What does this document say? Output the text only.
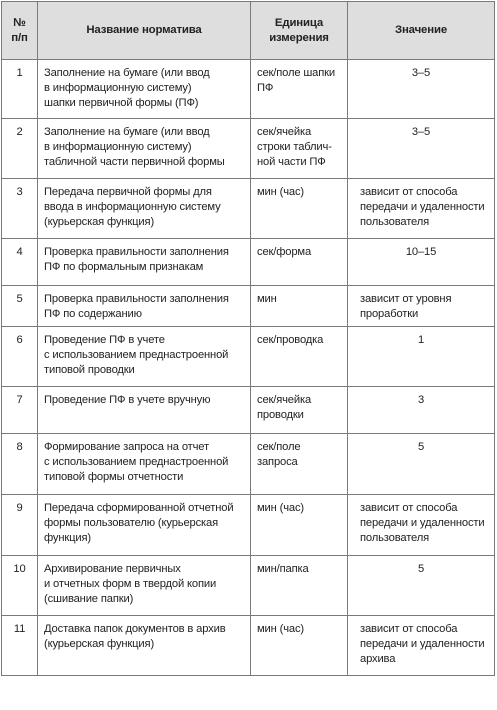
№
п/п	Название норматива	Единица
измерения	Значение

1	Заполнение на бумаге (или ввод
в информационную систему)
шапки первичной формы (ПФ)	сек/поле шапки
ПФ	3–5

2	Заполнение на бумаге (или ввод
в информационную систему)
табличной части первичной формы	сек/ячейка
строки таблич-
ной части ПФ	3–5

3	Передача первичной формы для
ввода в информационную систему
(курьерская функция)	мин (час)	зависит от способа
передачи и удаленности
пользователя

4	Проверка правильности заполнения
ПФ по формальным признакам	сек/форма	10–15

5	Проверка правильности заполнения
ПФ по содержанию	мин	зависит от уровня
проработки

6	Проведение ПФ в учете
с использованием преднастроенной
типовой проводки	сек/проводка	1

7	Проведение ПФ в учете вручную	сек/ячейка
проводки	3

8	Формирование запроса на отчет
с использованием преднастроенной
типовой формы отчетности	сек/поле
запроса	5

9	Передача сформированной отчетной
формы пользователю (курьерская
функция)	мин (час)	зависит от способа
передачи и удаленности
пользователя

10	Архивирование первичных
и отчетных форм в твердой копии
(сшивание папки)	мин/папка	5

11	Доставка папок документов в архив
(курьерская функция)	мин (час)	зависит от способа
передачи и удаленности
архива
